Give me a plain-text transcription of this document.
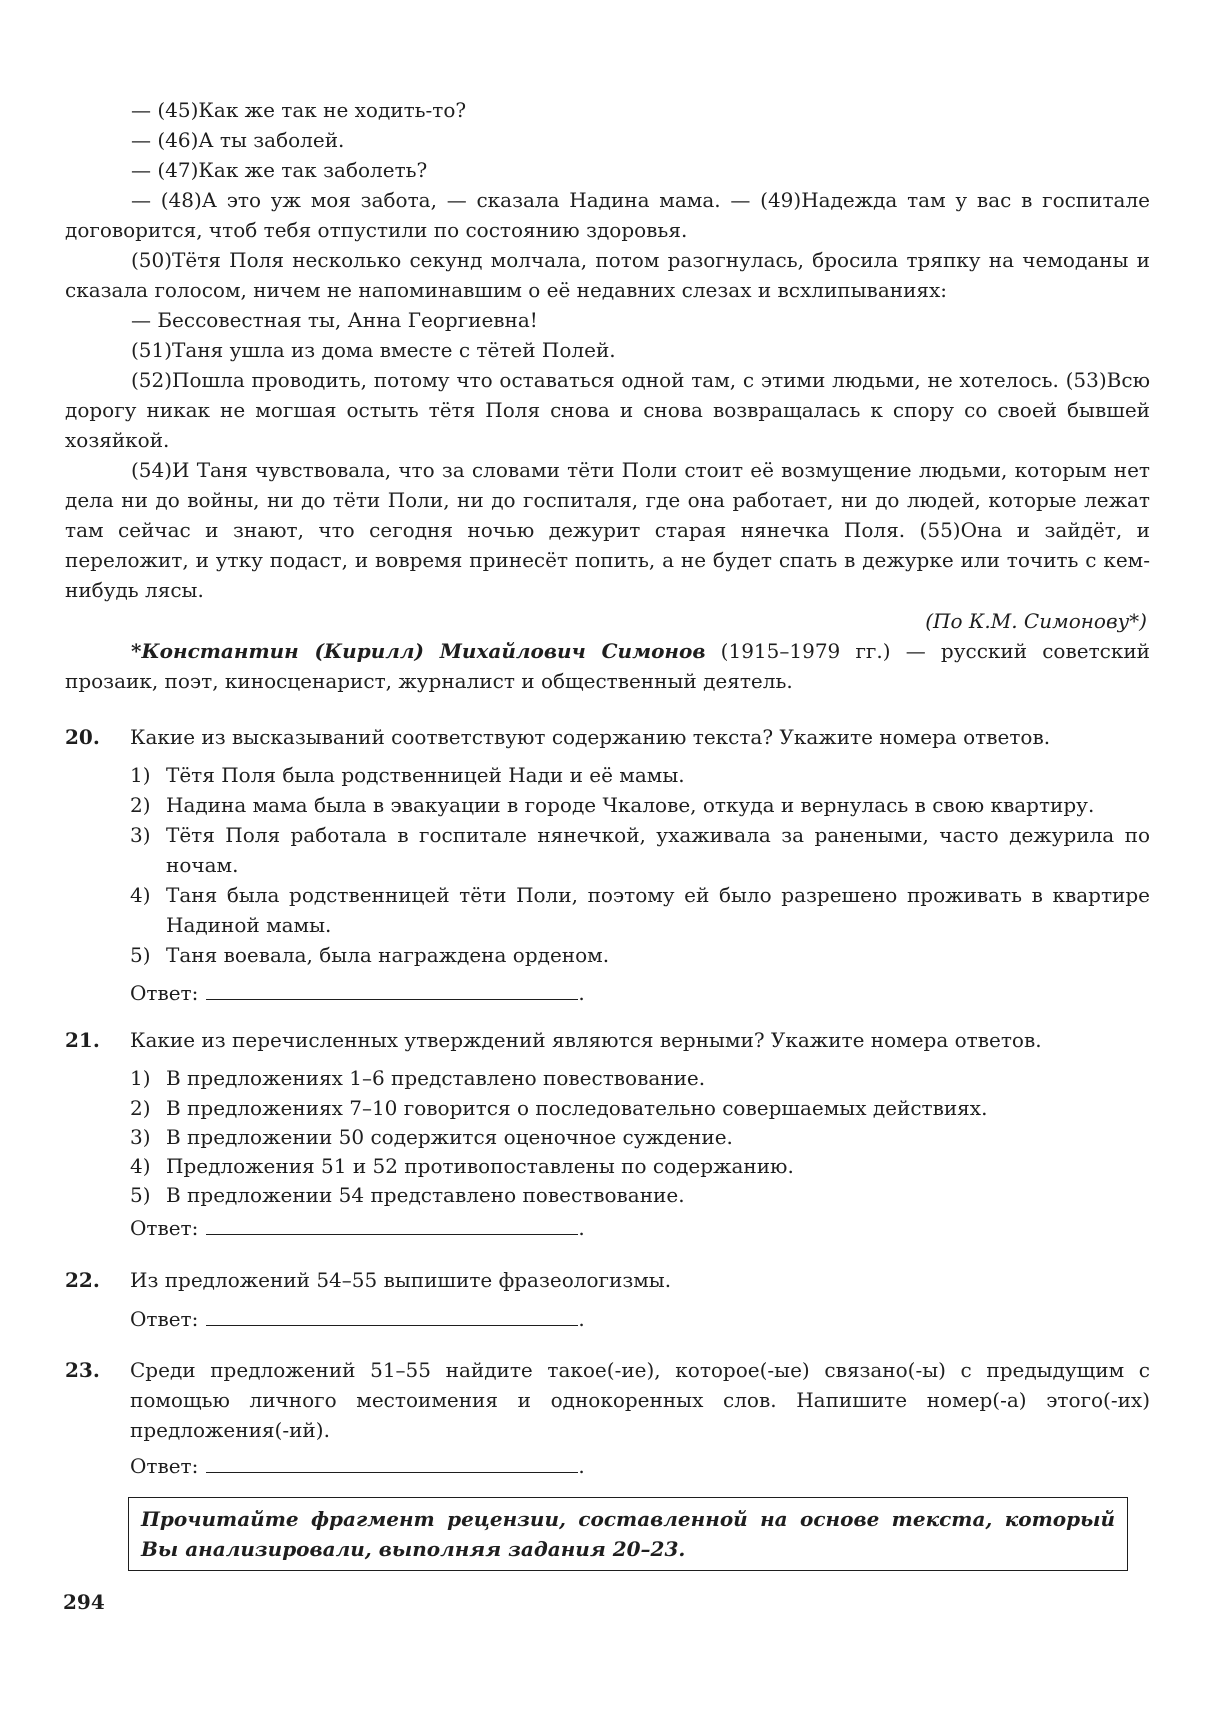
— (45)Как же так не ходить-то?

— (46)А ты заболей.

— (47)Как же так заболеть?

— (48)А это уж моя забота, — сказала Надина мама. — (49)Надежда там у вас в госпитале договорится, чтоб тебя отпустили по состоянию здоровья.

(50)Тётя Поля несколько секунд молчала, потом разогнулась, бросила тряпку на чемоданы и сказала голосом, ничем не напоминавшим о её недавних слезах и всхлипываниях:

— Бессовестная ты, Анна Георгиевна!

(51)Таня ушла из дома вместе с тётей Полей.

(52)Пошла проводить, потому что оставаться одной там, с этими людьми, не хотелось. (53)Всю дорогу никак не могшая остыть тётя Поля снова и снова возвращалась к спору со своей бывшей хозяйкой.

(54)И Таня чувствовала, что за словами тёти Поли стоит её возмущение людьми, которым нет дела ни до войны, ни до тёти Поли, ни до госпиталя, где она работает, ни до людей, которые лежат там сейчас и знают, что сегодня ночью дежурит старая нянечка Поля. (55)Она и зайдёт, и переложит, и утку подаст, и вовремя принесёт попить, а не будет спать в дежурке или точить с кем-нибудь лясы.

(По К.М. Симонову*)

*Константин (Кирилл) Михайлович Симонов (1915–1979 гг.) — русский советский прозаик, поэт, киносценарист, журналист и общественный деятель.

20. Какие из высказываний соответствуют содержанию текста? Укажите номера ответов.

1) Тётя Поля была родственницей Нади и её мамы.
2) Надина мама была в эвакуации в городе Чкалове, откуда и вернулась в свою квартиру.
3) Тётя Поля работала в госпитале нянечкой, ухаживала за ранеными, часто дежурила по ночам.
4) Таня была родственницей тёти Поли, поэтому ей было разрешено проживать в квартире Надиной мамы.
5) Таня воевала, была награждена орденом.

Ответ:	.

21. Какие из перечисленных утверждений являются верными? Укажите номера ответов.

1) В предложениях 1–6 представлено повествование.
2) В предложениях 7–10 говорится о последовательно совершаемых действиях.
3) В предложении 50 содержится оценочное суждение.
4) Предложения 51 и 52 противопоставлены по содержанию.
5) В предложении 54 представлено повествование.

Ответ:	.

22. Из предложений 54–55 выпишите фразеологизмы.

Ответ:	.

23. Среди предложений 51–55 найдите такое(-ие), которое(-ые) связано(-ы) с предыдущим с помощью личного местоимения и однокоренных слов. Напишите номер(-а) этого(-их) предложения(-ий).

Ответ:	.

Прочитайте фрагмент рецензии, составленной на основе текста, который Вы анализировали, выполняя задания 20–23.

294
